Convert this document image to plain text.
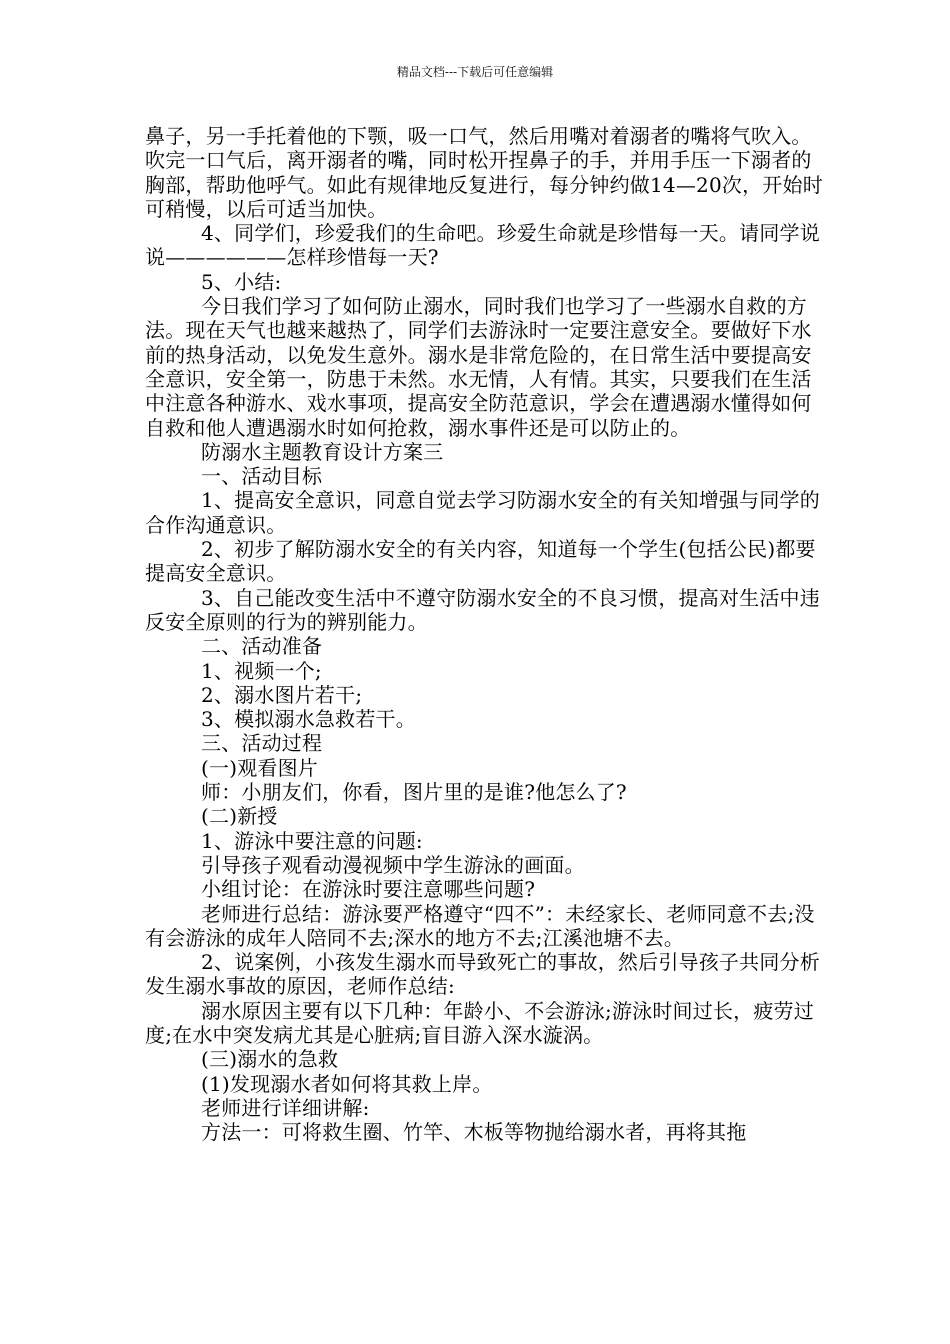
精品文档---下载后可任意编辑

鼻子，另一手托着他的下颚，吸一口气，然后用嘴对着溺者的嘴将气吹入。吹完一口气后，离开溺者的嘴，同时松开捏鼻子的手，并用手压一下溺者的胸部，帮助他呼气。如此有规律地反复进行，每分钟约做14—20次，开始时可稍慢，以后可适当加快。

4、同学们，珍爱我们的生命吧。珍爱生命就是珍惜每一天。请同学说说——————怎样珍惜每一天?

5、小结:

今日我们学习了如何防止溺水，同时我们也学习了一些溺水自救的方法。现在天气也越来越热了，同学们去游泳时一定要注意安全。要做好下水前的热身活动，以免发生意外。溺水是非常危险的，在日常生活中要提高安全意识，安全第一，防患于未然。水无情，人有情。其实，只要我们在生活中注意各种游水、戏水事项，提高安全防范意识，学会在遭遇溺水懂得如何自救和他人遭遇溺水时如何抢救，溺水事件还是可以防止的。

防溺水主题教育设计方案三

一、活动目标

1、提高安全意识，同意自觉去学习防溺水安全的有关知增强与同学的合作沟通意识。

2、初步了解防溺水安全的有关内容，知道每一个学生(包括公民)都要提高安全意识。

3、自己能改变生活中不遵守防溺水安全的不良习惯，提高对生活中违反安全原则的行为的辨别能力。

二、活动准备

1、视频一个;

2、溺水图片若干;

3、模拟溺水急救若干。

三、活动过程

(一)观看图片

师：小朋友们，你看，图片里的是谁?他怎么了?

(二)新授

1、游泳中要注意的问题:

引导孩子观看动漫视频中学生游泳的画面。

小组讨论：在游泳时要注意哪些问题?

老师进行总结：游泳要严格遵守“四不”：未经家长、老师同意不去;没有会游泳的成年人陪同不去;深水的地方不去;江溪池塘不去。

2、说案例，小孩发生溺水而导致死亡的事故，然后引导孩子共同分析发生溺水事故的原因，老师作总结:

溺水原因主要有以下几种：年龄小、不会游泳;游泳时间过长，疲劳过度;在水中突发病尤其是心脏病;盲目游入深水漩涡。

(三)溺水的急救

(1)发现溺水者如何将其救上岸。

老师进行详细讲解:

方法一：可将救生圈、竹竿、木板等物抛给溺水者，再将其拖
